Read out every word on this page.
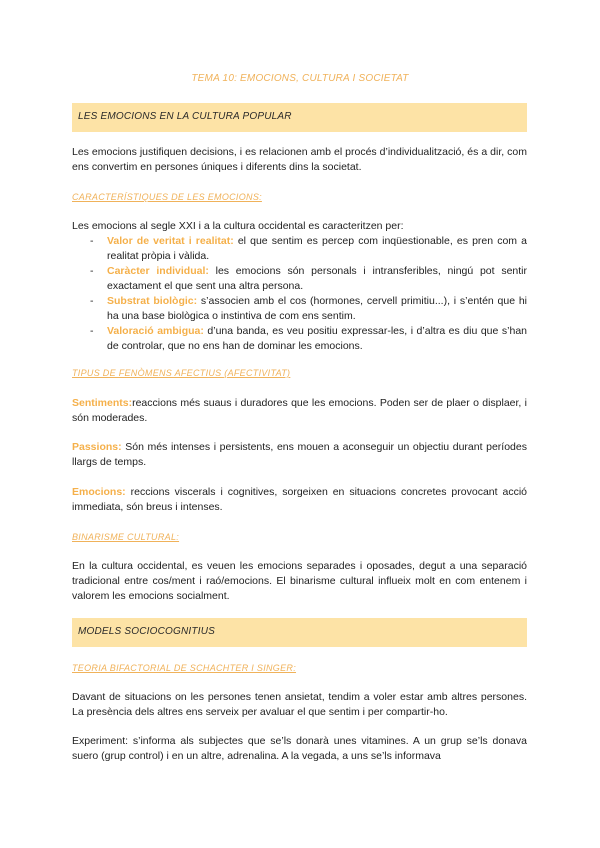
TEMA 10: EMOCIONS, CULTURA I SOCIETAT
LES EMOCIONS EN LA CULTURA POPULAR
Les emocions justifiquen decisions, i es relacionen amb el procés d’individualització, és a dir, com ens convertim en persones úniques i diferents dins la societat.
CARACTERÍSTIQUES DE LES EMOCIONS:
Les emocions al segle XXI i a la cultura occidental es caracteritzen per:
- Valor de veritat i realitat: el que sentim es percep com inqüestionable, es pren com a realitat pròpia i vàlida.
- Caràcter individual: les emocions són personals i intransferibles, ningú pot sentir exactament el que sent una altra persona.
- Substrat biològic: s’associen amb el cos (hormones, cervell primitiu...), i s’entén que hi ha una base biològica o instintiva de com ens sentim.
- Valoració ambigua: d’una banda, es veu positiu expressar-les, i d’altra es diu que s’han de controlar, que no ens han de dominar les emocions.
TIPUS DE FENÒMENS AFECTIUS (AFECTIVITAT)
Sentiments:reaccions més suaus i duradores que les emocions. Poden ser de plaer o displaer, i són moderades.
Passions: Són més intenses i persistents, ens mouen a aconseguir un objectiu durant períodes llargs de temps.
Emocions: reccions viscerals i cognitives, sorgeixen en situacions concretes provocant acció immediata, són breus i intenses.
BINARISME CULTURAL:
En la cultura occidental, es veuen les emocions separades i oposades, degut a una separació tradicional entre cos/ment i raó/emocions. El binarisme cultural influeix molt en com entenem i valorem les emocions socialment.
MODELS SOCIOCOGNITIUS
TEORIA BIFACTORIAL DE SCHACHTER I SINGER:
Davant de situacions on les persones tenen ansietat, tendim a voler estar amb altres persones. La presència dels altres ens serveix per avaluar el que sentim i per compartir-ho.
Experiment: s’informa als subjectes que se’ls donarà unes vitamines. A un grup se’ls donava suero (grup control) i en un altre, adrenalina. A la vegada, a uns se’ls informava
